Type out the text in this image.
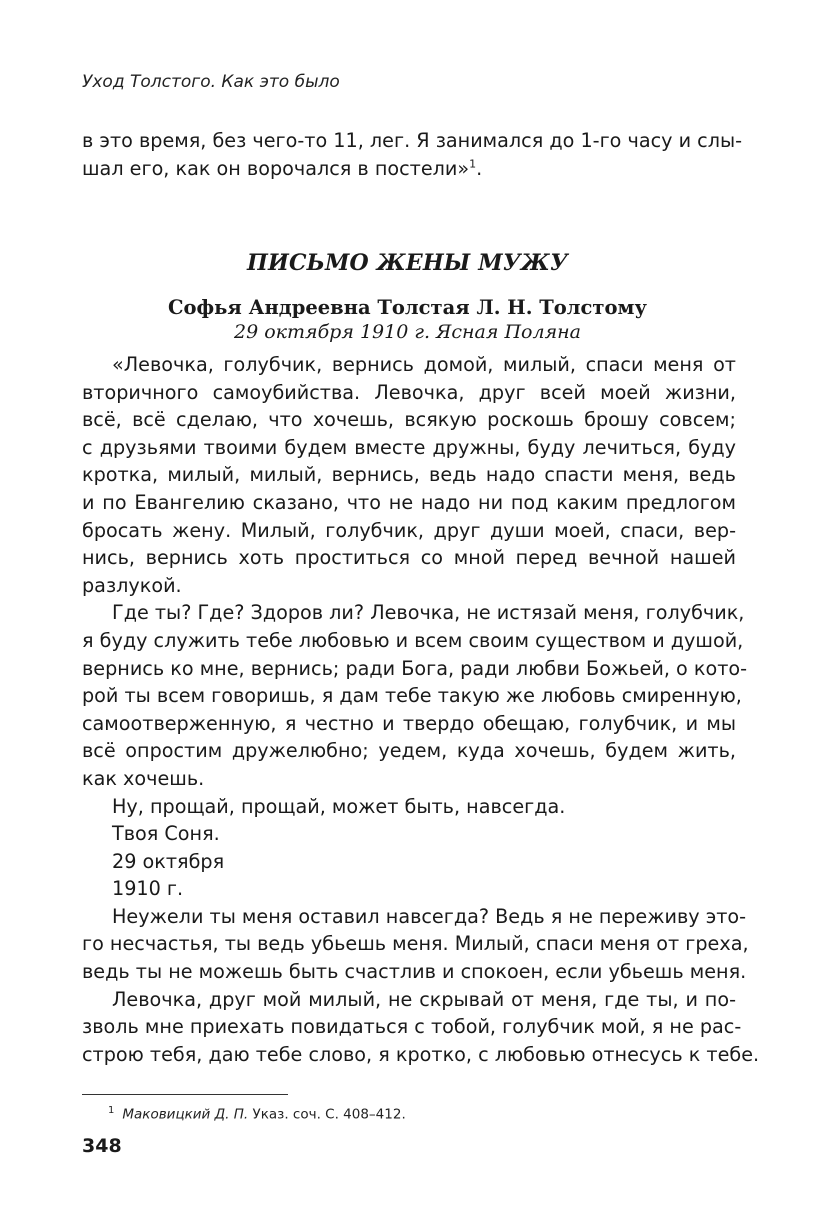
Уход Толстого. Как это было
в это время, без чего-то 11, лег. Я занимался до 1-го часу и слы-
шал его, как он ворочался в постели»$^1$.
ПИСЬМО ЖЕНЫ МУЖУ
Софья Андреевна Толстая Л. Н. Толстому
29 октября 1910 г. Ясная Поляна
«Левочка, голубчик, вернись домой, милый, спаси меня от
вторичного самоубийства. Левочка, друг всей моей жизни,
всё, всё сделаю, что хочешь, всякую роскошь брошу совсем;
с друзьями твоими будем вместе дружны, буду лечиться, буду
кротка, милый, милый, вернись, ведь надо спасти меня, ведь
и по Евангелию сказано, что не надо ни под каким предлогом
бросать жену. Милый, голубчик, друг души моей, спаси, вер-
нись, вернись хоть проститься со мной перед вечной нашей
разлукой.
Где ты? Где? Здоров ли? Левочка, не истязай меня, голубчик,
я буду служить тебе любовью и всем своим существом и душой,
вернись ко мне, вернись; ради Бога, ради любви Божьей, о кото-
рой ты всем говоришь, я дам тебе такую же любовь смиренную,
самоотверженную, я честно и твердо обещаю, голубчик, и мы
всё опростим дружелюбно; уедем, куда хочешь, будем жить,
как хочешь.
Ну, прощай, прощай, может быть, навсегда.
Твоя Соня.
29 октября
1910 г.
Неужели ты меня оставил навсегда? Ведь я не переживу это-
го несчастья, ты ведь убьешь меня. Милый, спаси меня от греха,
ведь ты не можешь быть счастлив и спокоен, если убьешь меня.
Левочка, друг мой милый, не скрывай от меня, где ты, и по-
зволь мне приехать повидаться с тобой, голубчик мой, я не рас-
строю тебя, даю тебе слово, я кротко, с любовью отнесусь к тебе.
$^1$ Маковицкий Д. П. Указ. соч. С. 408–412.
348
